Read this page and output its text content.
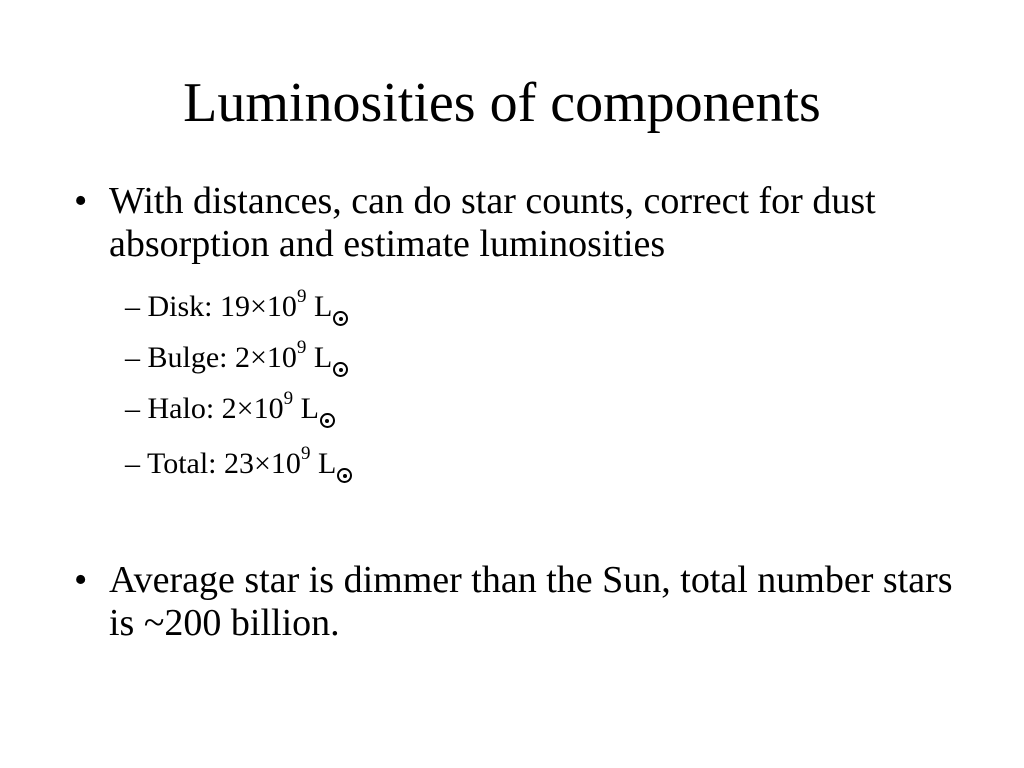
Luminosities of components
• With distances, can do star counts, correct for dust absorption and estimate luminosities
– Disk: $19\times 10^9$ L
– Bulge: $2\times 10^9$ L
– Halo: $2\times 10^9$ L
– Total: $23\times 10^9$ L
• Average star is dimmer than the Sun, total number stars is ~200 billion.
